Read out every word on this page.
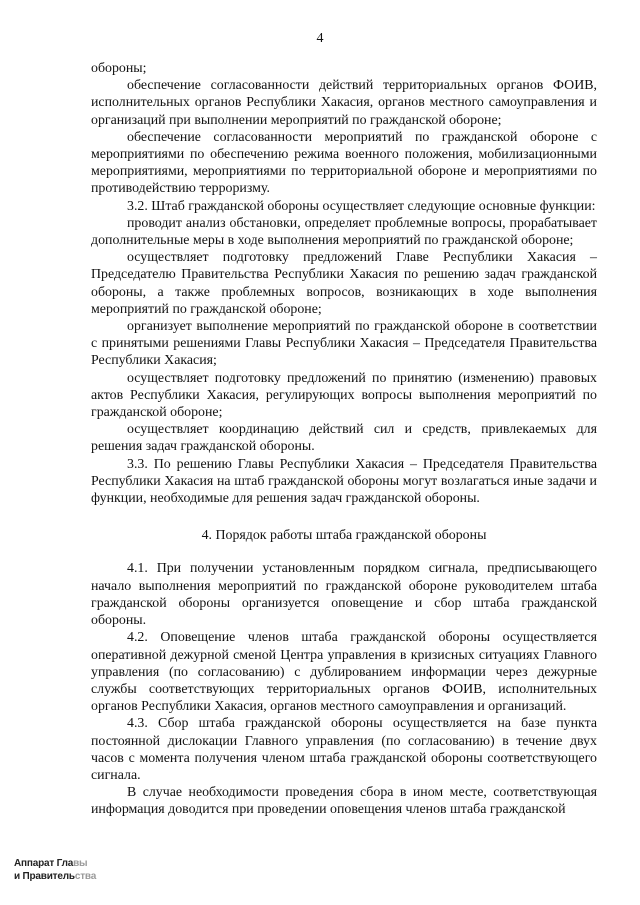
4

обороны;

обеспечение согласованности действий территориальных органов ФОИВ, исполнительных органов Республики Хакасия, органов местного самоуправления и организаций при выполнении мероприятий по гражданской обороне;

обеспечение согласованности мероприятий по гражданской обороне с мероприятиями по обеспечению режима военного положения, мобилизационными мероприятиями, мероприятиями по территориальной обороне и мероприятиями по противодействию терроризму.

3.2. Штаб гражданской обороны осуществляет следующие основные функции:

проводит анализ обстановки, определяет проблемные вопросы, прорабатывает дополнительные меры в ходе выполнения мероприятий по гражданской обороне;

осуществляет подготовку предложений Главе Республики Хакасия – Председателю Правительства Республики Хакасия по решению задач гражданской обороны, а также проблемных вопросов, возникающих в ходе выполнения мероприятий по гражданской обороне;

организует выполнение мероприятий по гражданской обороне в соответствии с принятыми решениями Главы Республики Хакасия – Председателя Правительства Республики Хакасия;

осуществляет подготовку предложений по принятию (изменению) правовых актов Республики Хакасия, регулирующих вопросы выполнения мероприятий по гражданской обороне;

осуществляет координацию действий сил и средств, привлекаемых для решения задач гражданской обороны.

3.3. По решению Главы Республики Хакасия – Председателя Правительства Республики Хакасия на штаб гражданской обороны могут возлагаться иные задачи и функции, необходимые для решения задач гражданской обороны.

4. Порядок работы штаба гражданской обороны

4.1. При получении установленным порядком сигнала, предписывающего начало выполнения мероприятий по гражданской обороне руководителем штаба гражданской обороны организуется оповещение и сбор штаба гражданской обороны.

4.2. Оповещение членов штаба гражданской обороны осуществляется оперативной дежурной сменой Центра управления в кризисных ситуациях Главного управления (по согласованию) с дублированием информации через дежурные службы соответствующих территориальных органов ФОИВ, исполнительных органов Республики Хакасия, органов местного самоуправления и организаций.

4.3. Сбор штаба гражданской обороны осуществляется на базе пункта постоянной дислокации Главного управления (по согласованию) в течение двух часов с момента получения членом штаба гражданской обороны соответствующего сигнала.

В случае необходимости проведения сбора в ином месте, соответствующая информация доводится при проведении оповещения членов штаба гражданской

Аппарат Главы
и Правительства
